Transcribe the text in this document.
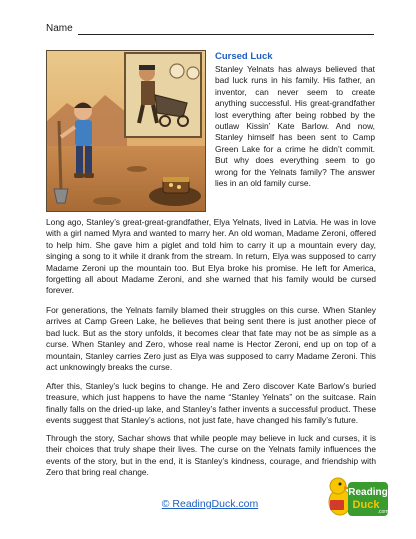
Name
Cursed Luck

Stanley Yelnats has always believed that bad luck runs in his family. His father, an inventor, can never seem to create anything successful. His great-grandfather lost everything after being robbed by the outlaw Kissin’ Kate Barlow. And now, Stanley himself has been sent to Camp Green Lake for a crime he didn’t commit. But why does everything seem to go wrong for the Yelnats family? The answer lies in an old family curse.

Long ago, Stanley’s great-great-grandfather, Elya Yelnats, lived in Latvia. He was in love with a girl named Myra and wanted to marry her. An old woman, Madame Zeroni, offered to help him. She gave him a piglet and told him to carry it up a mountain every day, singing a song to it while it drank from the stream. In return, Elya was supposed to carry Madame Zeroni up the mountain too. But Elya broke his promise. He left for America, forgetting all about Madame Zeroni, and she warned that his family would be cursed forever.

For generations, the Yelnats family blamed their struggles on this curse. When Stanley arrives at Camp Green Lake, he believes that being sent there is just another piece of bad luck. But as the story unfolds, it becomes clear that fate may not be as simple as a curse. When Stanley and Zero, whose real name is Hector Zeroni, end up on top of a mountain, Stanley carries Zero just as Elya was supposed to carry Madame Zeroni. This act unknowingly breaks the curse.

After this, Stanley’s luck begins to change. He and Zero discover Kate Barlow’s buried treasure, which just happens to have the name “Stanley Yelnats” on the suitcase. Rain finally falls on the dried-up lake, and Stanley’s father invents a successful product. These events suggest that Stanley’s actions, not just fate, have changed his family’s future.

Through the story, Sachar shows that while people may believe in luck and curses, it is their choices that truly shape their lives. The curse on the Yelnats family influences the events of the story, but in the end, it is Stanley’s kindness, courage, and friendship with Zero that bring real change.

© ReadingDuck.com
Reading
Duck
.com
